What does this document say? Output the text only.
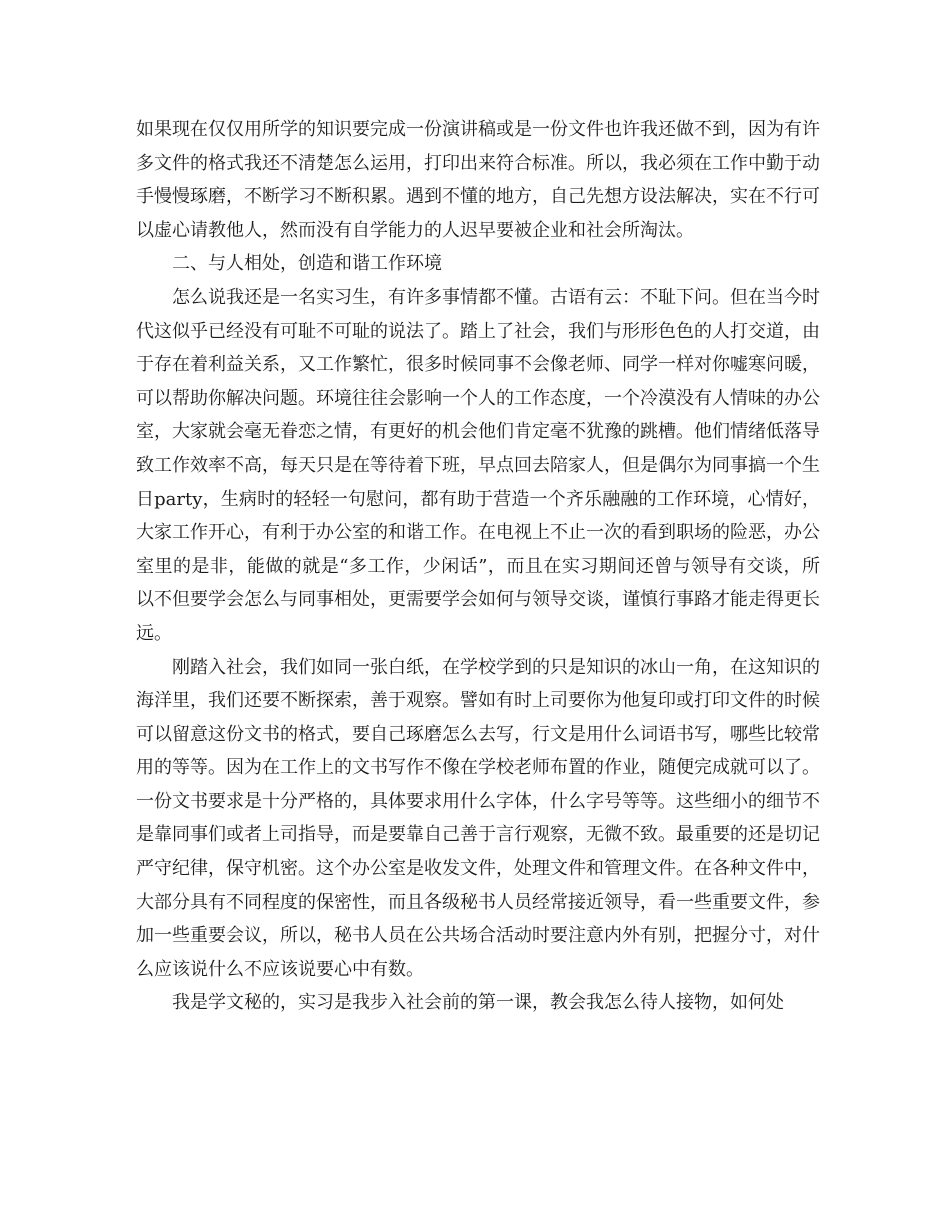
如果现在仅仅用所学的知识要完成一份演讲稿或是一份文件也许我还做不到，因为有许多文件的格式我还不清楚怎么运用，打印出来符合标准。所以，我必须在工作中勤于动手慢慢琢磨，不断学习不断积累。遇到不懂的地方，自己先想方设法解决，实在不行可以虚心请教他人，然而没有自学能力的人迟早要被企业和社会所淘汰。

二、与人相处，创造和谐工作环境

怎么说我还是一名实习生，有许多事情都不懂。古语有云：不耻下问。但在当今时代这似乎已经没有可耻不可耻的说法了。踏上了社会，我们与形形色色的人打交道，由于存在着利益关系，又工作繁忙，很多时候同事不会像老师、同学一样对你嘘寒问暖，可以帮助你解决问题。环境往往会影响一个人的工作态度，一个冷漠没有人情味的办公室，大家就会毫无眷恋之情，有更好的机会他们肯定毫不犹豫的跳槽。他们情绪低落导致工作效率不高，每天只是在等待着下班，早点回去陪家人，但是偶尔为同事搞一个生日party，生病时的轻轻一句慰问，都有助于营造一个齐乐融融的工作环境，心情好，大家工作开心，有利于办公室的和谐工作。在电视上不止一次的看到职场的险恶，办公室里的是非，能做的就是“多工作，少闲话”，而且在实习期间还曾与领导有交谈，所以不但要学会怎么与同事相处，更需要学会如何与领导交谈，谨慎行事路才能走得更长远。

刚踏入社会，我们如同一张白纸，在学校学到的只是知识的冰山一角，在这知识的海洋里，我们还要不断探索，善于观察。譬如有时上司要你为他复印或打印文件的时候可以留意这份文书的格式，要自己琢磨怎么去写，行文是用什么词语书写，哪些比较常用的等等。因为在工作上的文书写作不像在学校老师布置的作业，随便完成就可以了。一份文书要求是十分严格的，具体要求用什么字体，什么字号等等。这些细小的细节不是靠同事们或者上司指导，而是要靠自己善于言行观察，无微不致。最重要的还是切记严守纪律，保守机密。这个办公室是收发文件，处理文件和管理文件。在各种文件中，大部分具有不同程度的保密性，而且各级秘书人员经常接近领导，看一些重要文件，参加一些重要会议，所以，秘书人员在公共场合活动时要注意内外有别，把握分寸，对什么应该说什么不应该说要心中有数。

我是学文秘的，实习是我步入社会前的第一课，教会我怎么待人接物，如何处
